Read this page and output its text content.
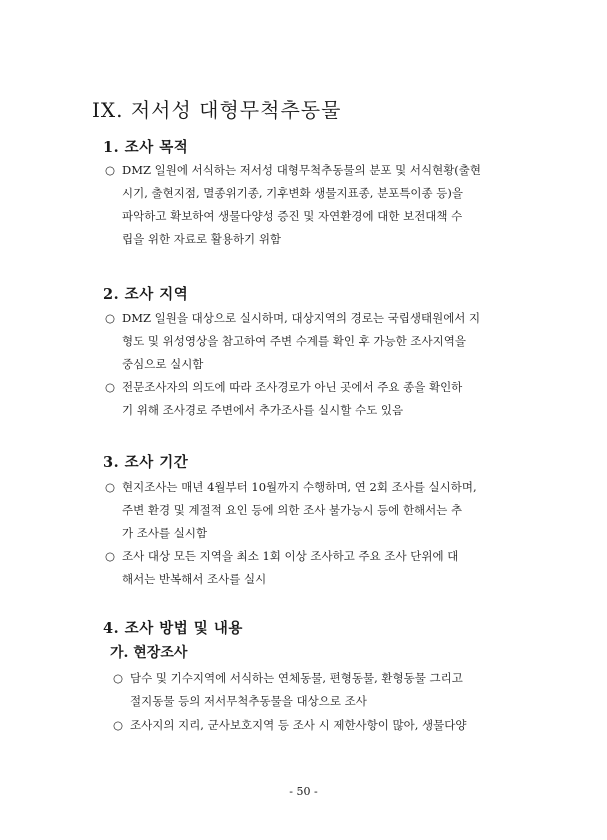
IX. 저서성 대형무척추동물
1. 조사 목적
○ DMZ 일원에 서식하는 저서성 대형무척추동물의 분포 및 서식현황(출현
시기, 출현지점, 멸종위기종, 기후변화 생물지표종, 분포특이종 등)을
파악하고 확보하여 생물다양성 증진 및 자연환경에 대한 보전대책 수
립을 위한 자료로 활용하기 위함
2. 조사 지역
○ DMZ 일원을 대상으로 실시하며, 대상지역의 경로는 국립생태원에서 지
형도 및 위성영상을 참고하여 주변 수계를 확인 후 가능한 조사지역을
중심으로 실시함
○ 전문조사자의 의도에 따라 조사경로가 아닌 곳에서 주요 종을 확인하
기 위해 조사경로 주변에서 추가조사를 실시할 수도 있음
3. 조사 기간
○ 현지조사는 매년 4월부터 10월까지 수행하며, 연 2회 조사를 실시하며,
주변 환경 및 계절적 요인 등에 의한 조사 불가능시 등에 한해서는 추
가 조사를 실시함
○ 조사 대상 모든 지역을 최소 1회 이상 조사하고 주요 조사 단위에 대
해서는 반복해서 조사를 실시
4. 조사 방법 및 내용
가. 현장조사
○ 담수 및 기수지역에 서식하는 연체동물, 편형동물, 환형동물 그리고
절지동물 등의 저서무척추동물을 대상으로 조사
○ 조사지의 지리, 군사보호지역 등 조사 시 제한사항이 많아, 생물다양
- 50 -
